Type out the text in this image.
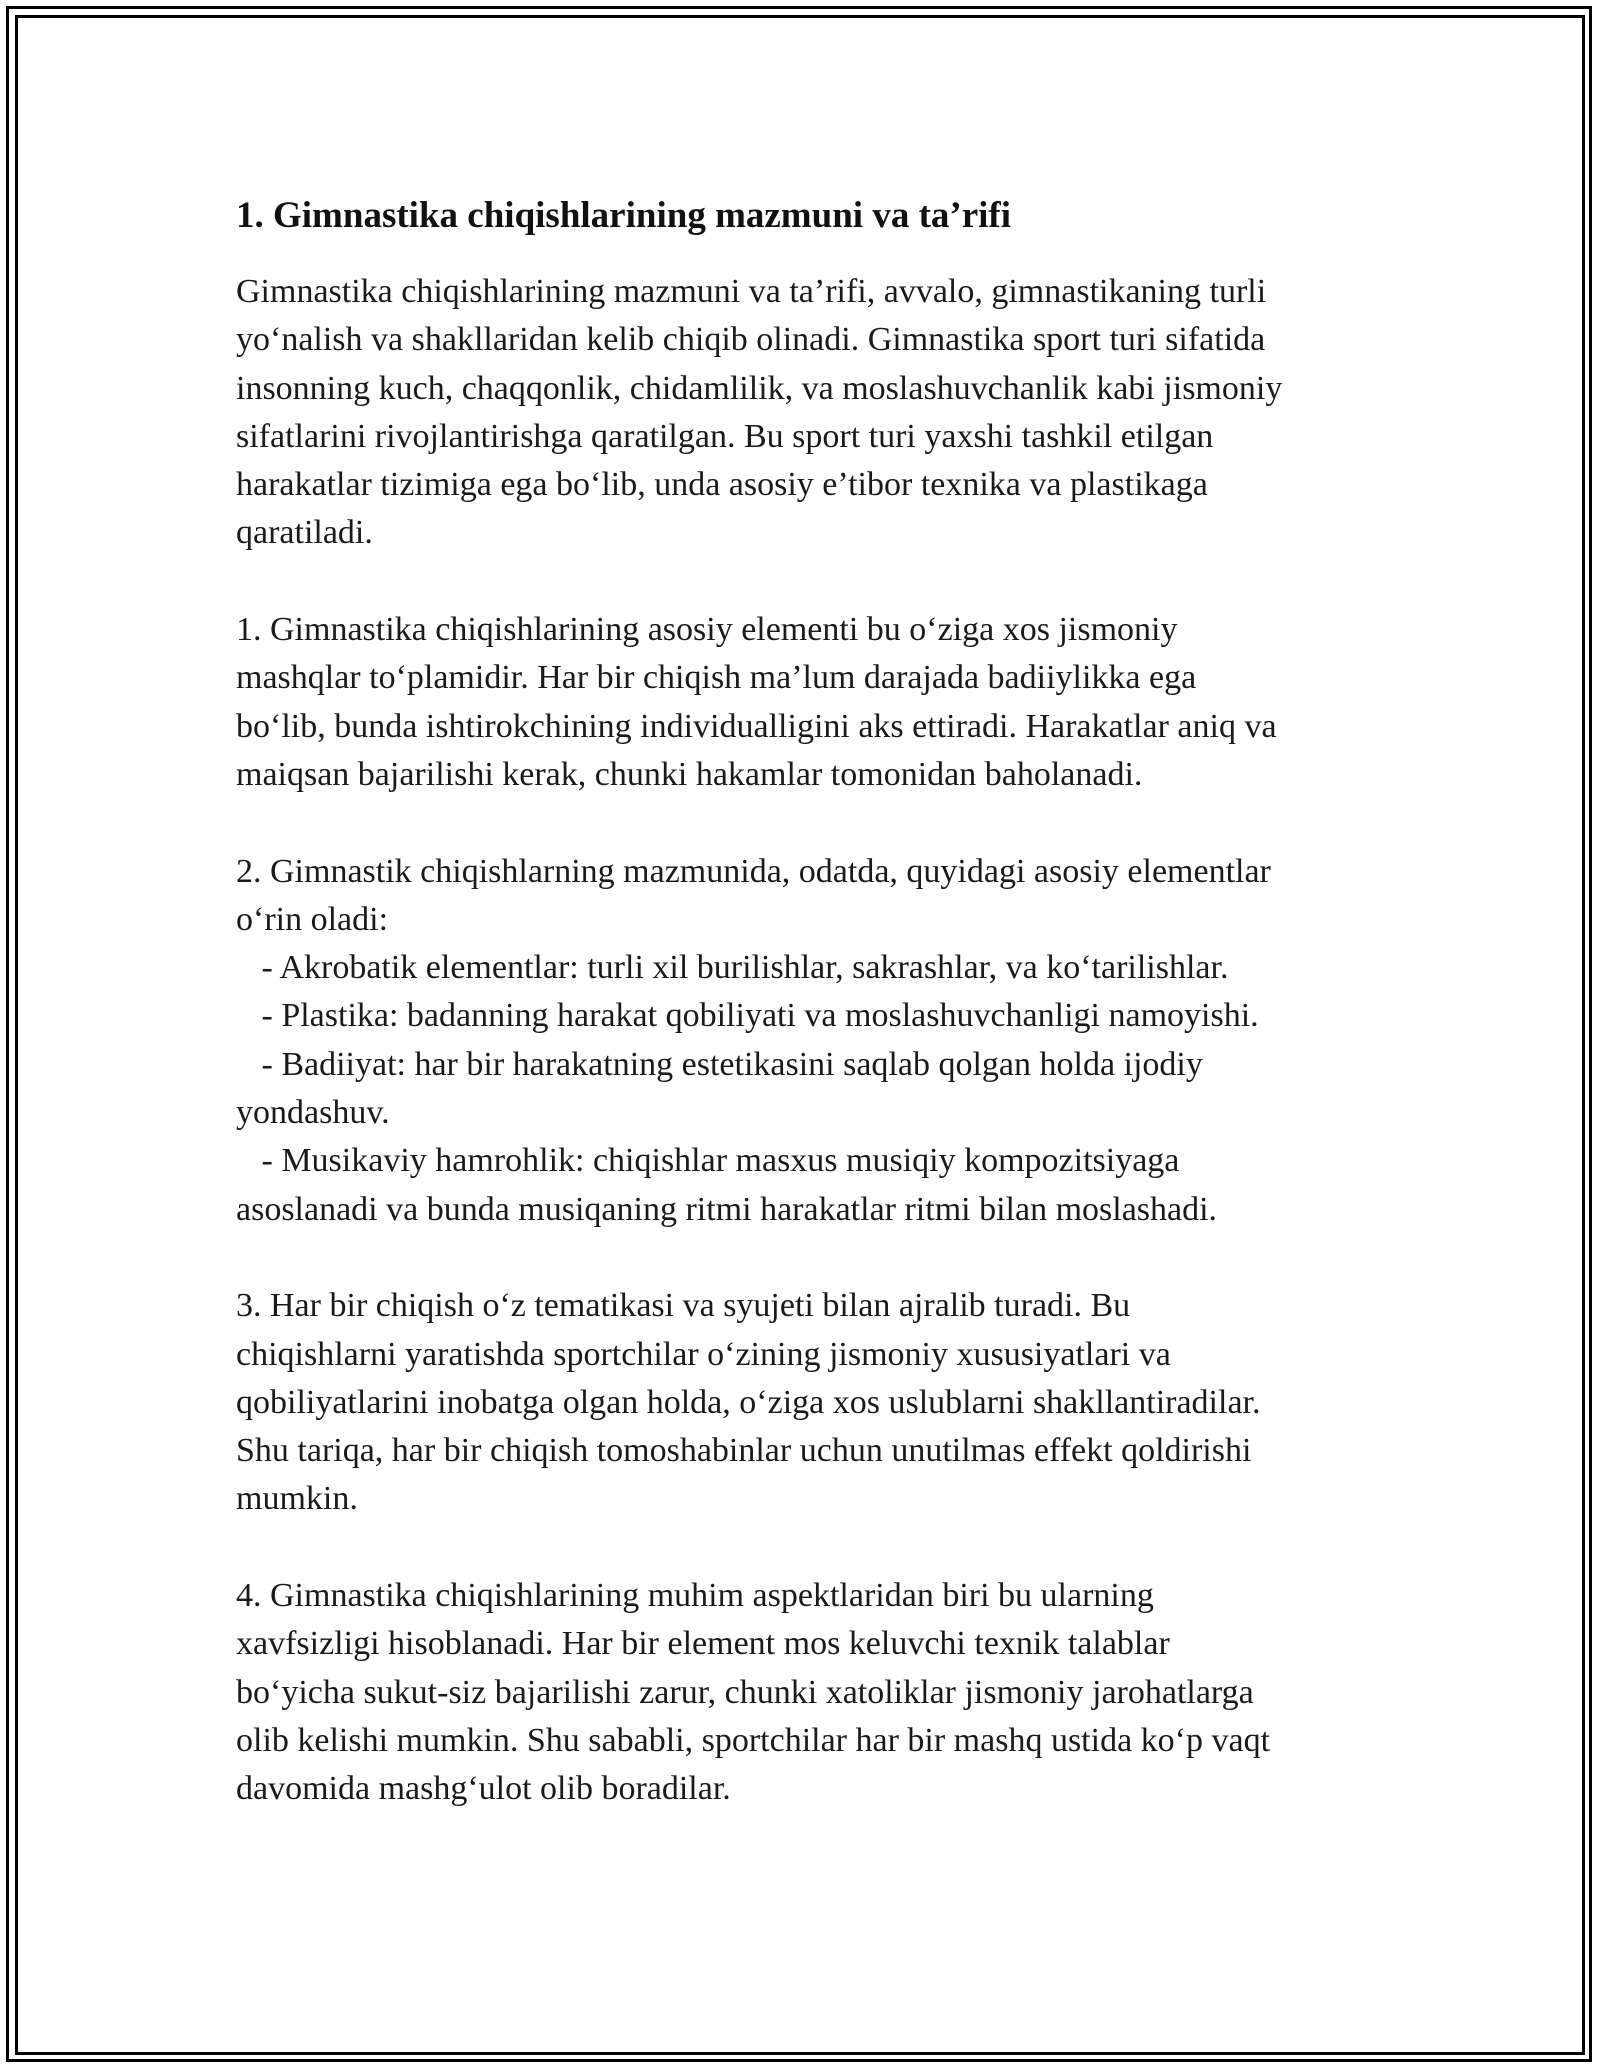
1. Gimnastika chiqishlarining mazmuni va ta’rifi

Gimnastika chiqishlarining mazmuni va ta’rifi, avvalo, gimnastikaning turli

yo‘nalish va shakllaridan kelib chiqib olinadi. Gimnastika sport turi sifatida

insonning kuch, chaqqonlik, chidamlilik, va moslashuvchanlik kabi jismoniy

sifatlarini rivojlantirishga qaratilgan. Bu sport turi yaxshi tashkil etilgan

harakatlar tizimiga ega bo‘lib, unda asosiy e’tibor texnika va plastikaga

qaratiladi.

1. Gimnastika chiqishlarining asosiy elementi bu o‘ziga xos jismoniy

mashqlar to‘plamidir. Har bir chiqish ma’lum darajada badiiylikka ega

bo‘lib, bunda ishtirokchining individualligini aks ettiradi. Harakatlar aniq va

maiqsan bajarilishi kerak, chunki hakamlar tomonidan baholanadi.

2. Gimnastik chiqishlarning mazmunida, odatda, quyidagi asosiy elementlar

o‘rin oladi:

- Akrobatik elementlar: turli xil burilishlar, sakrashlar, va ko‘tarilishlar.

- Plastika: badanning harakat qobiliyati va moslashuvchanligi namoyishi.

- Badiiyat: har bir harakatning estetikasini saqlab qolgan holda ijodiy

yondashuv.

- Musikaviy hamrohlik: chiqishlar masxus musiqiy kompozitsiyaga

asoslanadi va bunda musiqaning ritmi harakatlar ritmi bilan moslashadi.

3. Har bir chiqish o‘z tematikasi va syujeti bilan ajralib turadi. Bu

chiqishlarni yaratishda sportchilar o‘zining jismoniy xususiyatlari va

qobiliyatlarini inobatga olgan holda, o‘ziga xos uslublarni shakllantiradilar.

Shu tariqa, har bir chiqish tomoshabinlar uchun unutilmas effekt qoldirishi

mumkin.

4. Gimnastika chiqishlarining muhim aspektlaridan biri bu ularning

xavfsizligi hisoblanadi. Har bir element mos keluvchi texnik talablar

bo‘yicha sukut-siz bajarilishi zarur, chunki xatoliklar jismoniy jarohatlarga

olib kelishi mumkin. Shu sababli, sportchilar har bir mashq ustida ko‘p vaqt

davomida mashg‘ulot olib boradilar.
